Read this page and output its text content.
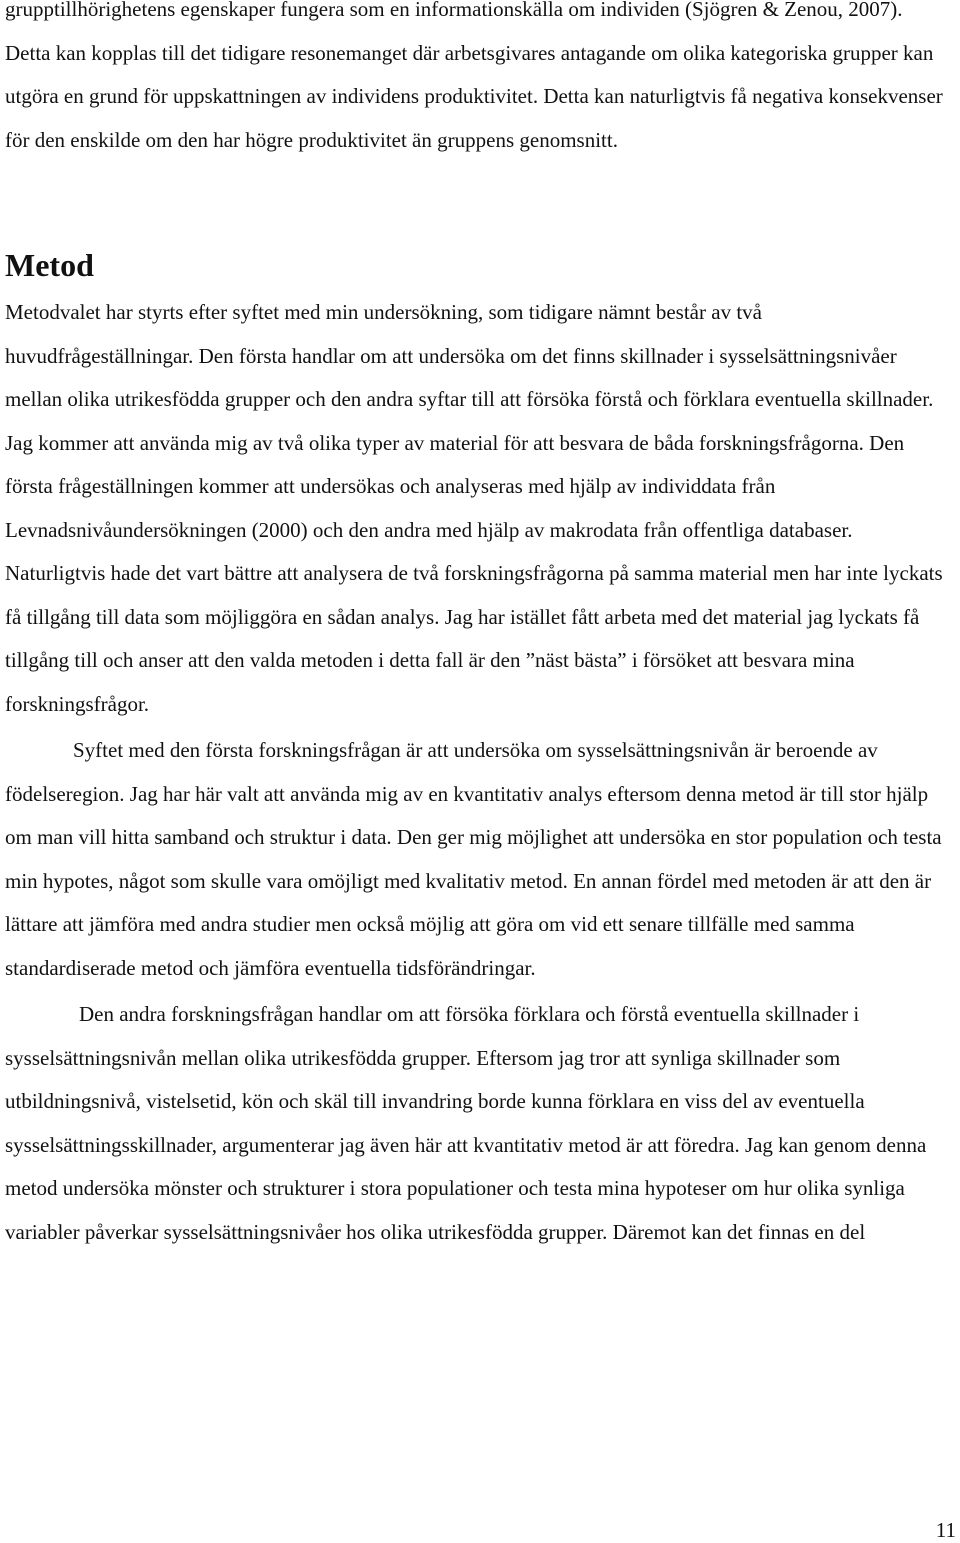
grupptillhörighetens egenskaper fungera som en informationskälla om individen (Sjögren & Zenou, 2007). Detta kan kopplas till det tidigare resonemanget där arbetsgivares antagande om olika kategoriska grupper kan utgöra en grund för uppskattningen av individens produktivitet. Detta kan naturligtvis få negativa konsekvenser för den enskilde om den har högre produktivitet än gruppens genomsnitt.

Metod

Metodvalet har styrts efter syftet med min undersökning, som tidigare nämnt består av två huvudfrågeställningar. Den första handlar om att undersöka om det finns skillnader i sysselsättningsnivåer mellan olika utrikesfödda grupper och den andra syftar till att försöka förstå och förklara eventuella skillnader.

Jag kommer att använda mig av två olika typer av material för att besvara de båda forskningsfrågorna. Den första frågeställningen kommer att undersökas och analyseras med hjälp av individdata från Levnadsnivåundersökningen (2000) och den andra med hjälp av makrodata från offentliga databaser.

Naturligtvis hade det vart bättre att analysera de två forskningsfrågorna på samma material men har inte lyckats få tillgång till data som möjliggöra en sådan analys. Jag har istället fått arbeta med det material jag lyckats få tillgång till och anser att den valda metoden i detta fall är den ”näst bästa” i försöket att besvara mina forskningsfrågor.

Syftet med den första forskningsfrågan är att undersöka om sysselsättningsnivån är beroende av födelseregion. Jag har här valt att använda mig av en kvantitativ analys eftersom denna metod är till stor hjälp om man vill hitta samband och struktur i data. Den ger mig möjlighet att undersöka en stor population och testa min hypotes, något som skulle vara omöjligt med kvalitativ metod. En annan fördel med metoden är att den är lättare att jämföra med andra studier men också möjlig att göra om vid ett senare tillfälle med samma standardiserade metod och jämföra eventuella tidsförändringar.

Den andra forskningsfrågan handlar om att försöka förklara och förstå eventuella skillnader i sysselsättningsnivån mellan olika utrikesfödda grupper. Eftersom jag tror att synliga skillnader som utbildningsnivå, vistelsetid, kön och skäl till invandring borde kunna förklara en viss del av eventuella sysselsättningsskillnader, argumenterar jag även här att kvantitativ metod är att föredra. Jag kan genom denna metod undersöka mönster och strukturer i stora populationer och testa mina hypoteser om hur olika synliga variabler påverkar sysselsättningsnivåer hos olika utrikesfödda grupper. Däremot kan det finnas en del

11
